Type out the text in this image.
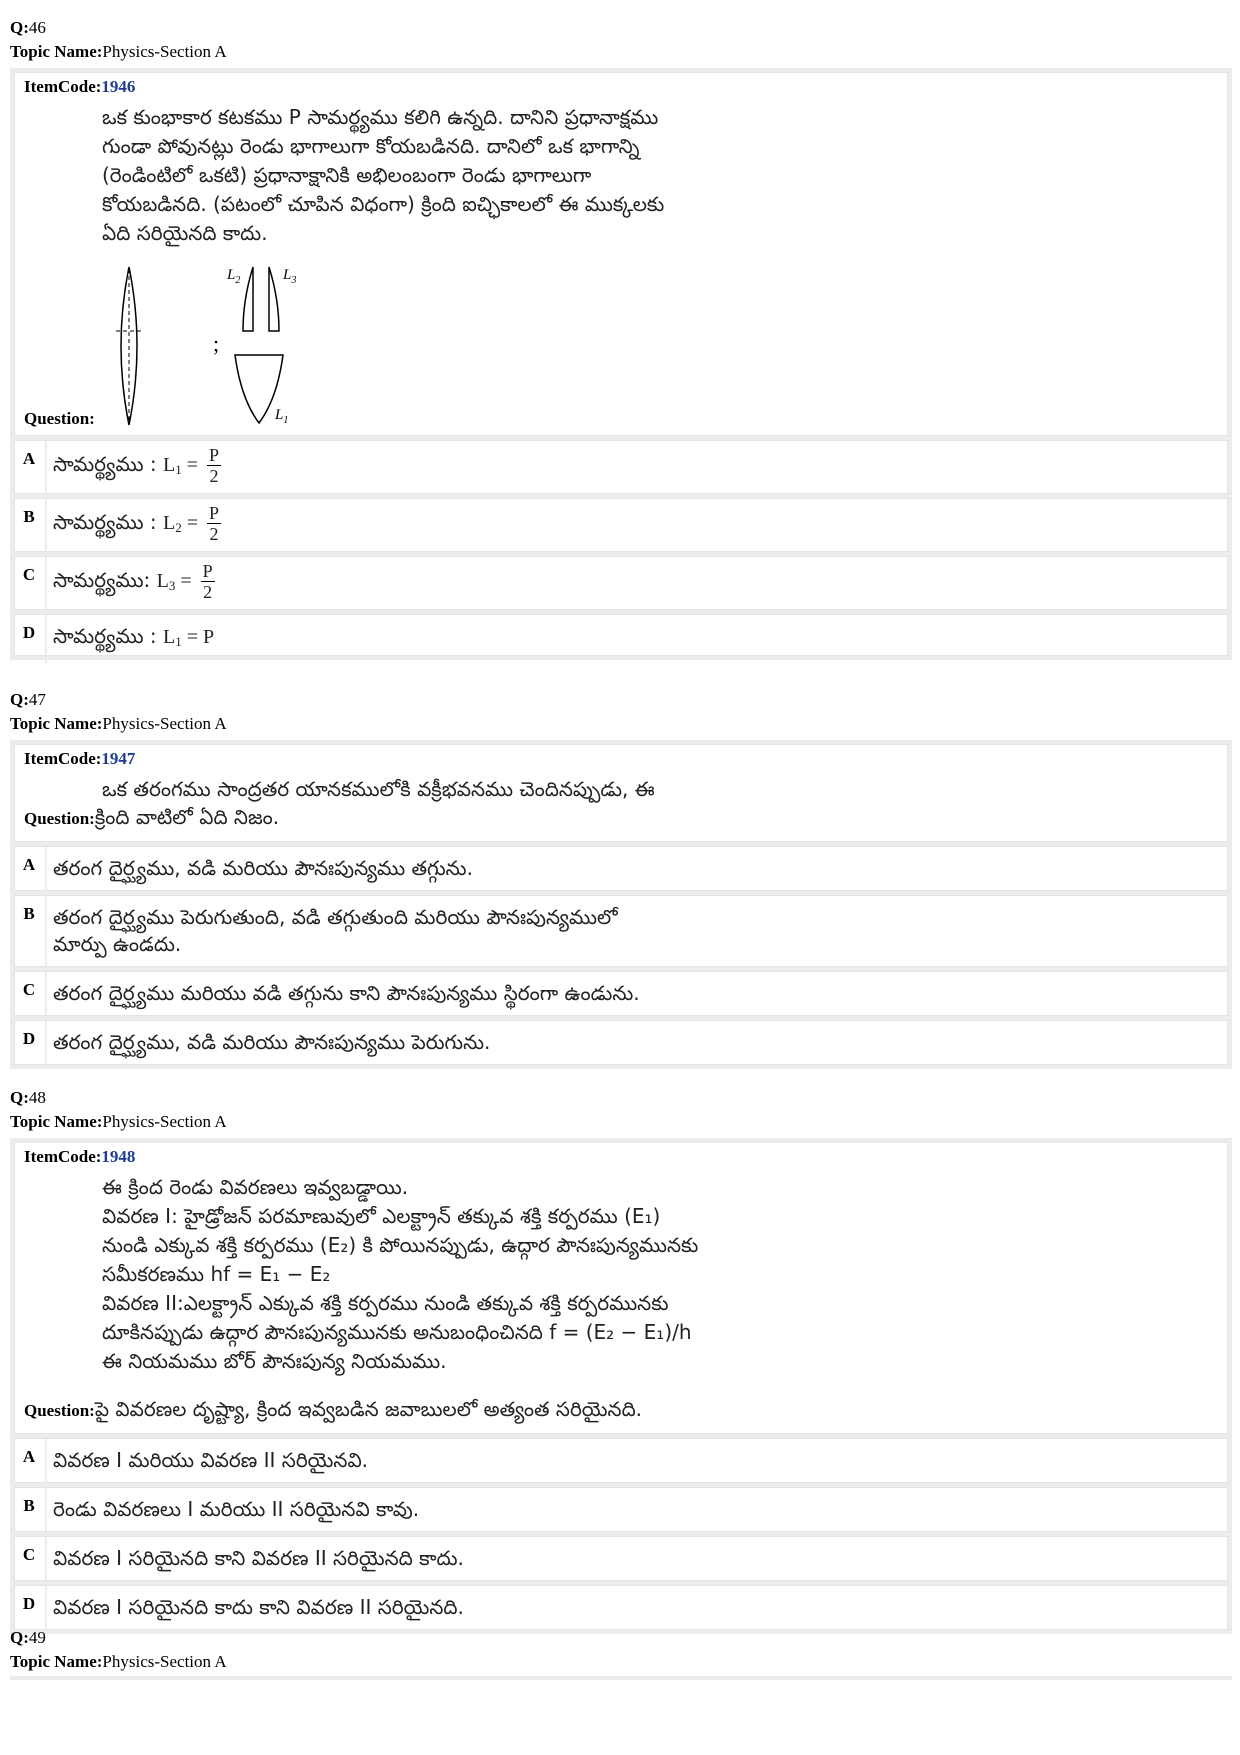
Q:46
Topic Name:Physics-Section A
ItemCode:1946
ఒక కుంభాకార కటకము P సామర్థ్యము కలిగి ఉన్నది. దానిని ప్రధానాక్షము
గుండా పోవునట్లు రెండు భాగాలుగా కోయబడినది. దానిలో ఒక భాగాన్ని
(రెండింటిలో ఒకటి) ప్రధానాక్షానికి అభిలంబంగా రెండు భాగాలుగా
కోయబడినది. (పటంలో చూపిన విధంగా) క్రింది ఐచ్ఛికాలలో ఈ ముక్కలకు
ఏది సరియైనది కాదు.
;
$L_2$	$L_3$
$L_1$
Question:
A సామర్థ్యము : $L_1 = \frac{P}{2}$
B సామర్థ్యము : $L_2 = \frac{P}{2}$
C సామర్థ్యము: $L_3 = \frac{P}{2}$
D సామర్థ్యము : $L_1 = P$
Q:47
Topic Name:Physics-Section A
ItemCode:1947
ఒక తరంగము సాంద్రతర యానకములోకి వక్రీభవనము చెందినప్పుడు, ఈ
Question:క్రింది వాటిలో ఏది నిజం.
A తరంగ దైర్ఘ్యము, వడి మరియు పౌనఃపున్యము తగ్గును.
B తరంగ దైర్ఘ్యము పెరుగుతుంది, వడి తగ్గుతుంది మరియు పౌనఃపున్యములో
మార్పు ఉండదు.
C తరంగ దైర్ఘ్యము మరియు వడి తగ్గును కాని పౌనఃపున్యము స్థిరంగా ఉండును.
D తరంగ దైర్ఘ్యము, వడి మరియు పౌనఃపున్యము పెరుగును.
Q:48
Topic Name:Physics-Section A
ItemCode:1948
ఈ క్రింద రెండు వివరణలు ఇవ్వబడ్డాయి.
వివరణ I: హైడ్రోజన్ పరమాణువులో ఎలక్ట్రాన్ తక్కువ శక్తి కర్పరము (E₁)
నుండి ఎక్కువ శక్తి కర్పరము (E₂) కి పోయినప్పుడు, ఉద్గార పౌనఃపున్యమునకు
సమీకరణము hf = E₁ − E₂
వివరణ II:ఎలక్ట్రాన్ ఎక్కువ శక్తి కర్పరము నుండి తక్కువ శక్తి కర్పరమునకు
దూకినప్పుడు ఉద్గార పౌనఃపున్యమునకు అనుబంధించినది f = (E₂ − E₁)/h
ఈ నియమము బోర్ పౌనఃపున్య నియమము.
Question:పై వివరణల దృష్ట్యా, క్రింద ఇవ్వబడిన జవాబులలో అత్యంత సరియైనది.
A వివరణ I మరియు వివరణ II సరియైనవి.
B రెండు వివరణలు I మరియు II సరియైనవి కావు.
C వివరణ I సరియైనది కాని వివరణ II సరియైనది కాదు.
D వివరణ I సరియైనది కాదు కాని వివరణ II సరియైనది.
Q:49
Topic Name:Physics-Section A
